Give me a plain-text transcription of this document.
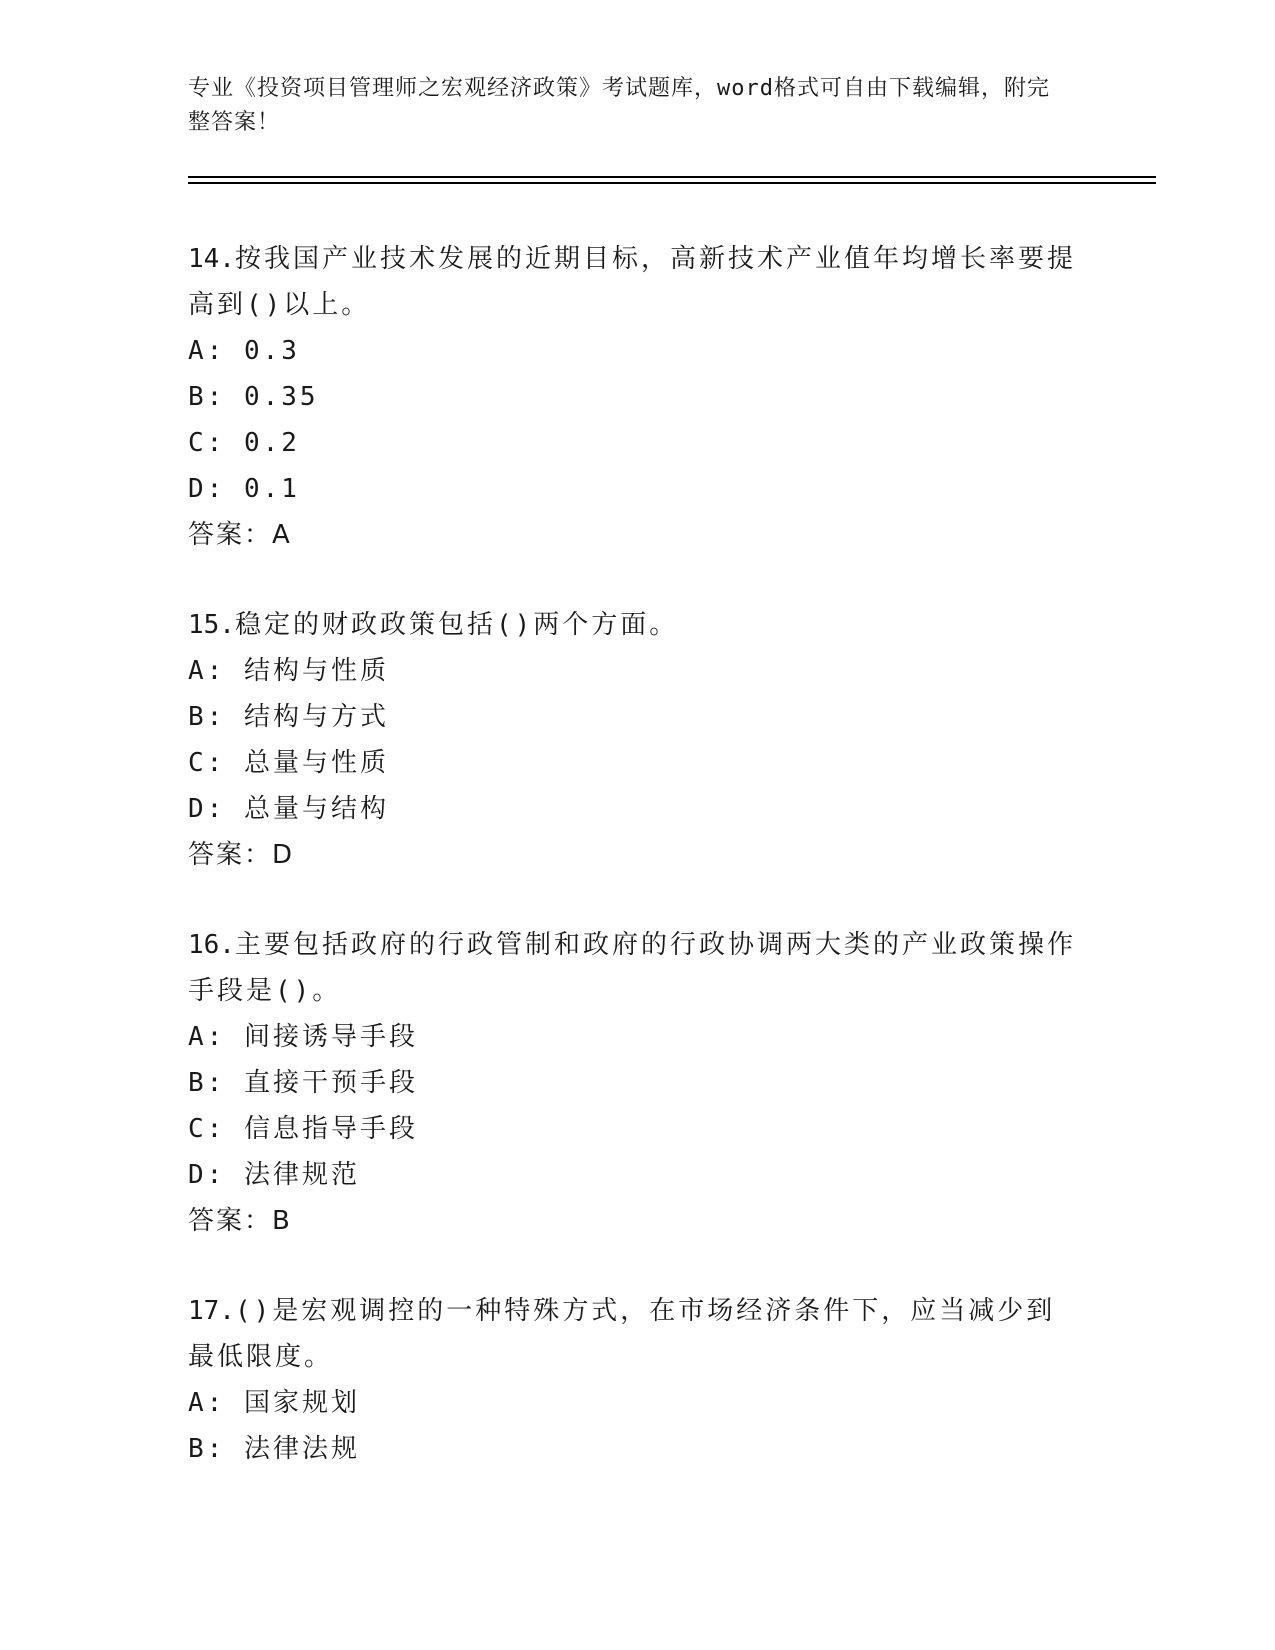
专业《投资项目管理师之宏观经济政策》考试题库，word格式可自由下载编辑，附完整答案！

14.按我国产业技术发展的近期目标，高新技术产业值年均增长率要提高到()以上。

A: 0.3

B: 0.35

C: 0.2

D: 0.1

答案：A

15.稳定的财政政策包括()两个方面。

A: 结构与性质

B: 结构与方式

C: 总量与性质

D: 总量与结构

答案：D

16.主要包括政府的行政管制和政府的行政协调两大类的产业政策操作手段是()。

A: 间接诱导手段

B: 直接干预手段

C: 信息指导手段

D: 法律规范

答案：B

17.()是宏观调控的一种特殊方式，在市场经济条件下，应当减少到最低限度。

A: 国家规划

B: 法律法规
